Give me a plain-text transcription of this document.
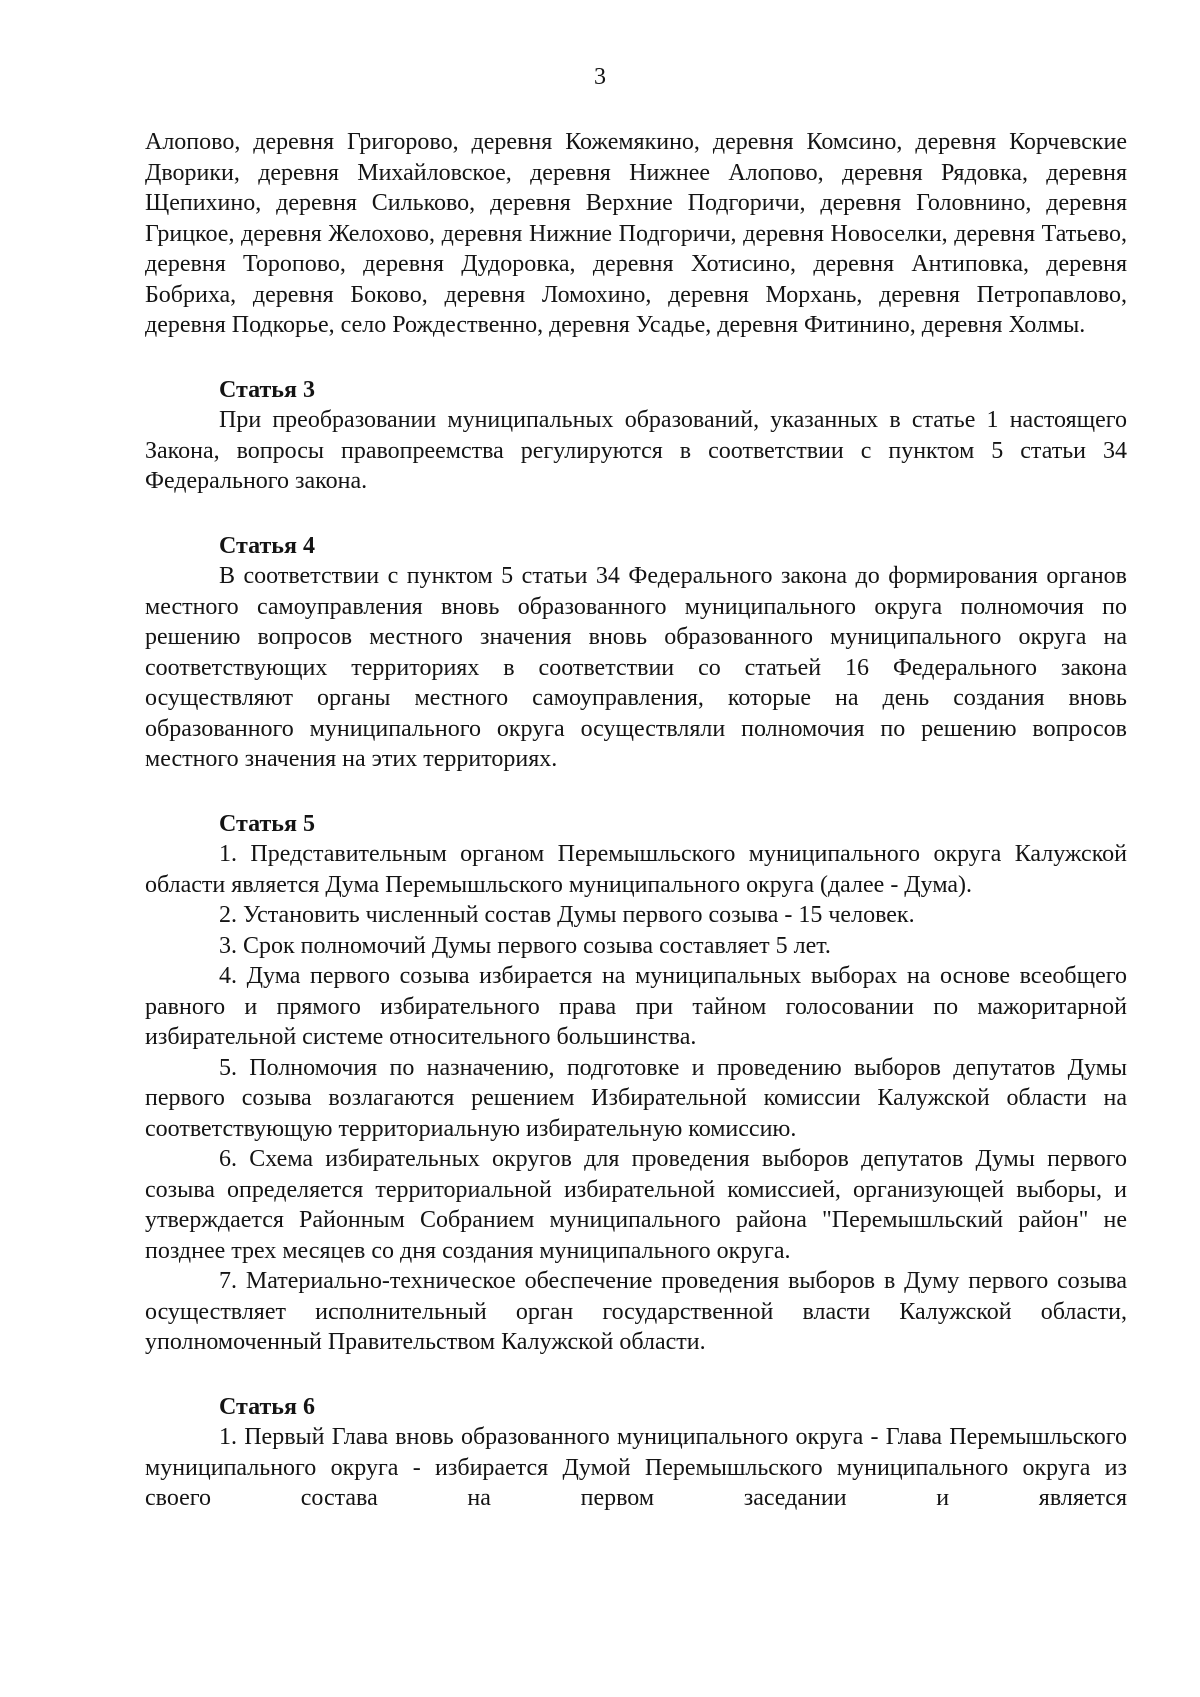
3

Алопово, деревня Григорово, деревня Кожемякино, деревня Комсино, деревня Корчевские Дворики, деревня Михайловское, деревня Нижнее Алопово, деревня Рядовка, деревня Щепихино, деревня Сильково, деревня Верхние Подгоричи, деревня Головнино, деревня Грицкое, деревня Желохово, деревня Нижние Подгоричи, деревня Новоселки, деревня Татьево, деревня Торопово, деревня Дудоровка, деревня Хотисино, деревня Антиповка, деревня Бобриха, деревня Боково, деревня Ломохино, деревня Морхань, деревня Петропавлово, деревня Подкорье, село Рождественно, деревня Усадье, деревня Фитинино, деревня Холмы.

Статья 3

При преобразовании муниципальных образований, указанных в статье 1 настоящего Закона, вопросы правопреемства регулируются в соответствии с пунктом 5 статьи 34 Федерального закона.

Статья 4

В соответствии с пунктом 5 статьи 34 Федерального закона до формирования органов местного самоуправления вновь образованного муниципального округа полномочия по решению вопросов местного значения вновь образованного муниципального округа на соответствующих территориях в соответствии со статьей 16 Федерального закона осуществляют органы местного самоуправления, которые на день создания вновь образованного муниципального округа осуществляли полномочия по решению вопросов местного значения на этих территориях.

Статья 5

1. Представительным органом Перемышльского муниципального округа Калужской области является Дума Перемышльского муниципального округа (далее - Дума).

2. Установить численный состав Думы первого созыва - 15 человек.

3. Срок полномочий Думы первого созыва составляет 5 лет.

4. Дума первого созыва избирается на муниципальных выборах на основе всеобщего равного и прямого избирательного права при тайном голосовании по мажоритарной избирательной системе относительного большинства.

5. Полномочия по назначению, подготовке и проведению выборов депутатов Думы первого созыва возлагаются решением Избирательной комиссии Калужской области на соответствующую территориальную избирательную комиссию.

6. Схема избирательных округов для проведения выборов депутатов Думы первого созыва определяется территориальной избирательной комиссией, организующей выборы, и утверждается Районным Собранием муниципального района "Перемышльский район" не позднее трех месяцев со дня создания муниципального округа.

7. Материально-техническое обеспечение проведения выборов в Думу первого созыва осуществляет исполнительный орган государственной власти Калужской области, уполномоченный Правительством Калужской области.

Статья 6

1. Первый Глава вновь образованного муниципального округа - Глава Перемышльского муниципального округа - избирается Думой Перемышльского муниципального округа из своего состава на первом заседании и является
